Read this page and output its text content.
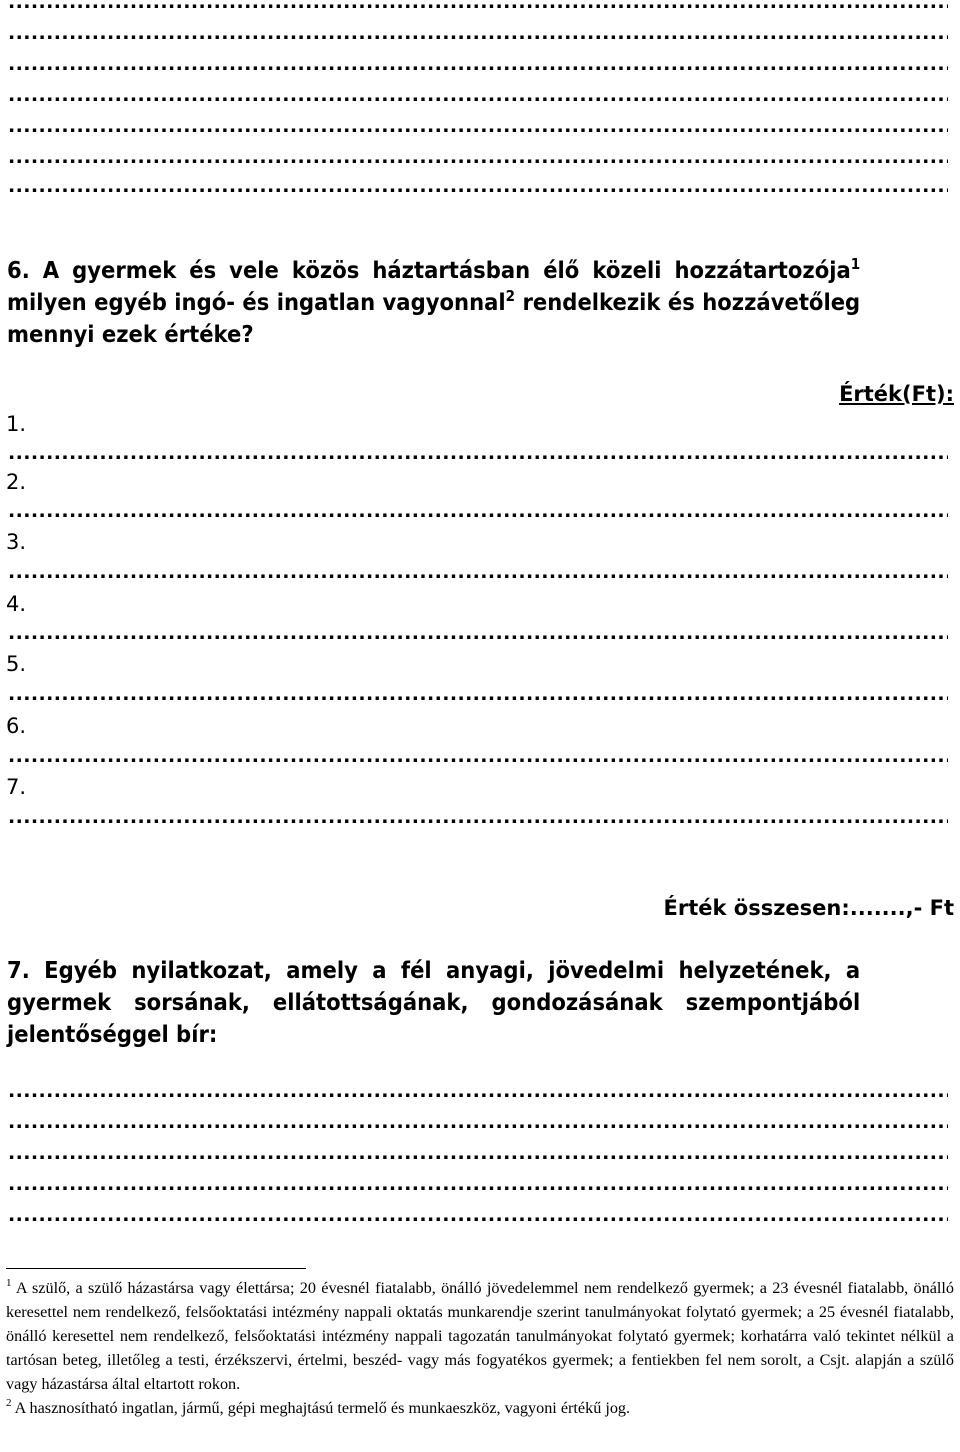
.....
.....
.....
.....
.....
.....
.....

6. A gyermek és vele közös háztartásban élő közeli hozzátartozója$^1$ milyen egyéb ingó- és ingatlan vagyonnal$^2$ rendelkezik és hozzávetőleg mennyi ezek értéke?

Érték(Ft):
1.
.....
2.
.....
3.
.....
4.
.....
5.
.....
6.
.....
7.
.....
Érték összesen:.......,- Ft

7. Egyéb nyilatkozat, amely a fél anyagi, jövedelmi helyzetének, a gyermek sorsának, ellátottságának, gondozásának szempontjából jelentőséggel bír:

.....
.....
.....
.....
.....

$^1$ A szülő, a szülő házastársa vagy élettársa; 20 évesnél fiatalabb, önálló jövedelemmel nem rendelkező gyermek; a 23 évesnél fiatalabb, önálló keresettel nem rendelkező, felsőoktatási intézmény nappali oktatás munkarendje szerint tanulmányokat folytató gyermek; a 25 évesnél fiatalabb, önálló keresettel nem rendelkező, felsőoktatási intézmény nappali tagozatán tanulmányokat folytató gyermek; korhatárra való tekintet nélkül a tartósan beteg, illetőleg a testi, érzékszervi, értelmi, beszéd- vagy más fogyatékos gyermek; a fentiekben fel nem sorolt, a Csjt. alapján a szülő vagy házastársa által eltartott rokon.

$^2$ A hasznosítható ingatlan, jármű, gépi meghajtású termelő és munkaeszköz, vagyoni értékű jog.
